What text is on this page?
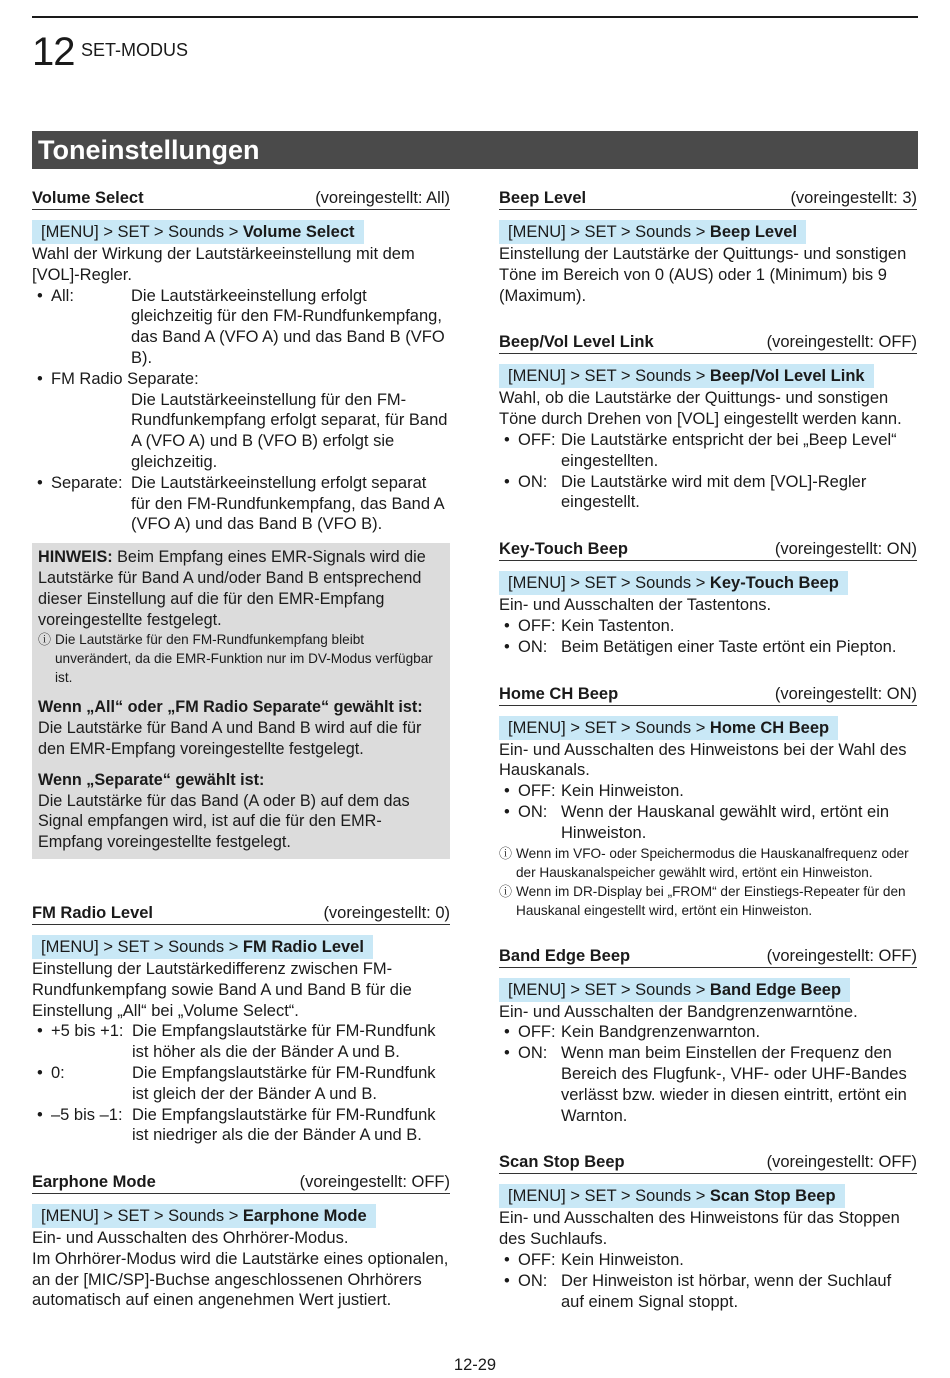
12 SET-MODUS
Toneinstellungen
Volume Select	(voreingestellt: All)
[MENU] > SET > Sounds > Volume Select

Wahl der Wirkung der Lautstärkeeinstellung mit dem [VOL]-Regler.

• All:	Die Lautstärkeeinstellung erfolgt gleichzeitig für den FM-Rundfunkempfang, das Band A (VFO A) und das Band B (VFO B).
• FM Radio Separate:
Die Lautstärkeeinstellung für den FM-Rundfunkempfang erfolgt separat, für Band A (VFO A) und B (VFO B) erfolgt sie gleichzeitig.
• Separate: Die Lautstärkeeinstellung erfolgt separat für den FM-Rundfunkempfang, das Band A (VFO A) und das Band B (VFO B).

HINWEIS: Beim Empfang eines EMR-Signals wird die Lautstärke für Band A und/oder Band B entsprechend dieser Einstellung auf die für den EMR-Empfang voreingestellte festgelegt.

ⓘ Die Lautstärke für den FM-Rundfunkempfang bleibt unverändert, da die EMR-Funktion nur im DV-Modus verfügbar ist.
Wenn „All“ oder „FM Radio Separate“ gewählt ist:

Die Lautstärke für Band A und Band B wird auf die für den EMR-Empfang voreingestellte festgelegt.

Wenn „Separate“ gewählt ist:

Die Lautstärke für das Band (A oder B) auf dem das Signal empfangen wird, ist auf die für den EMR-Empfang voreingestellte festgelegt.

FM Radio Level	(voreingestellt: 0)
[MENU] > SET > Sounds > FM Radio Level

Einstellung der Lautstärkedifferenz zwischen FM-Rundfunkempfang sowie Band A und Band B für die Einstellung „All“ bei „Volume Select“.

• +5 bis +1: Die Empfangslautstärke für FM-Rundfunk ist höher als die der Bänder A und B.
• 0:	Die Empfangslautstärke für FM-Rundfunk ist gleich der der Bänder A und B.
• –5 bis –1: Die Empfangslautstärke für FM-Rundfunk ist niedriger als die der Bänder A und B.
Earphone Mode	(voreingestellt: OFF)
[MENU] > SET > Sounds > Earphone Mode

Ein- und Ausschalten des Ohrhörer-Modus.

Im Ohrhörer-Modus wird die Lautstärke eines optionalen, an der [MIC/SP]-Buchse angeschlossenen Ohrhörers automatisch auf einen angenehmen Wert justiert.

Beep Level	(voreingestellt: 3)
[MENU] > SET > Sounds > Beep Level

Einstellung der Lautstärke der Quittungs- und sonstigen Töne im Bereich von 0 (AUS) oder 1 (Minimum) bis 9 (Maximum).

Beep/Vol Level Link	(voreingestellt: OFF)
[MENU] > SET > Sounds > Beep/Vol Level Link

Wahl, ob die Lautstärke der Quittungs- und sonstigen Töne durch Drehen von [VOL] eingestellt werden kann.

• OFF: Die Lautstärke entspricht der bei „Beep Level“ eingestellten.
• ON: Die Lautstärke wird mit dem [VOL]-Regler eingestellt.
Key-Touch Beep	(voreingestellt: ON)
[MENU] > SET > Sounds > Key-Touch Beep

Ein- und Ausschalten der Tastentons.

• OFF: Kein Tastenton.
• ON: Beim Betätigen einer Taste ertönt ein Piepton.
Home CH Beep	(voreingestellt: ON)
[MENU] > SET > Sounds > Home CH Beep

Ein- und Ausschalten des Hinweistons bei der Wahl des Hauskanals.

• OFF: Kein Hinweiston.
• ON: Wenn der Hauskanal gewählt wird, ertönt ein Hinweiston.
ⓘ Wenn im VFO- oder Speichermodus die Hauskanalfrequenz oder der Hauskanalspeicher gewählt wird, ertönt ein Hinweiston.
ⓘ Wenn im DR-Display bei „FROM“ der Einstiegs-Repeater für den Hauskanal eingestellt wird, ertönt ein Hinweiston.
Band Edge Beep	(voreingestellt: OFF)
[MENU] > SET > Sounds > Band Edge Beep

Ein- und Ausschalten der Bandgrenzenwarntöne.

• OFF: Kein Bandgrenzenwarnton.
• ON: Wenn man beim Einstellen der Frequenz den Bereich des Flugfunk-, VHF- oder UHF-Bandes verlässt bzw. wieder in diesen eintritt, ertönt ein Warnton.
Scan Stop Beep	(voreingestellt: OFF)
[MENU] > SET > Sounds > Scan Stop Beep

Ein- und Ausschalten des Hinweistons für das Stoppen des Suchlaufs.

• OFF: Kein Hinweiston.
• ON: Der Hinweiston ist hörbar, wenn der Suchlauf auf einem Signal stoppt.
12-29
